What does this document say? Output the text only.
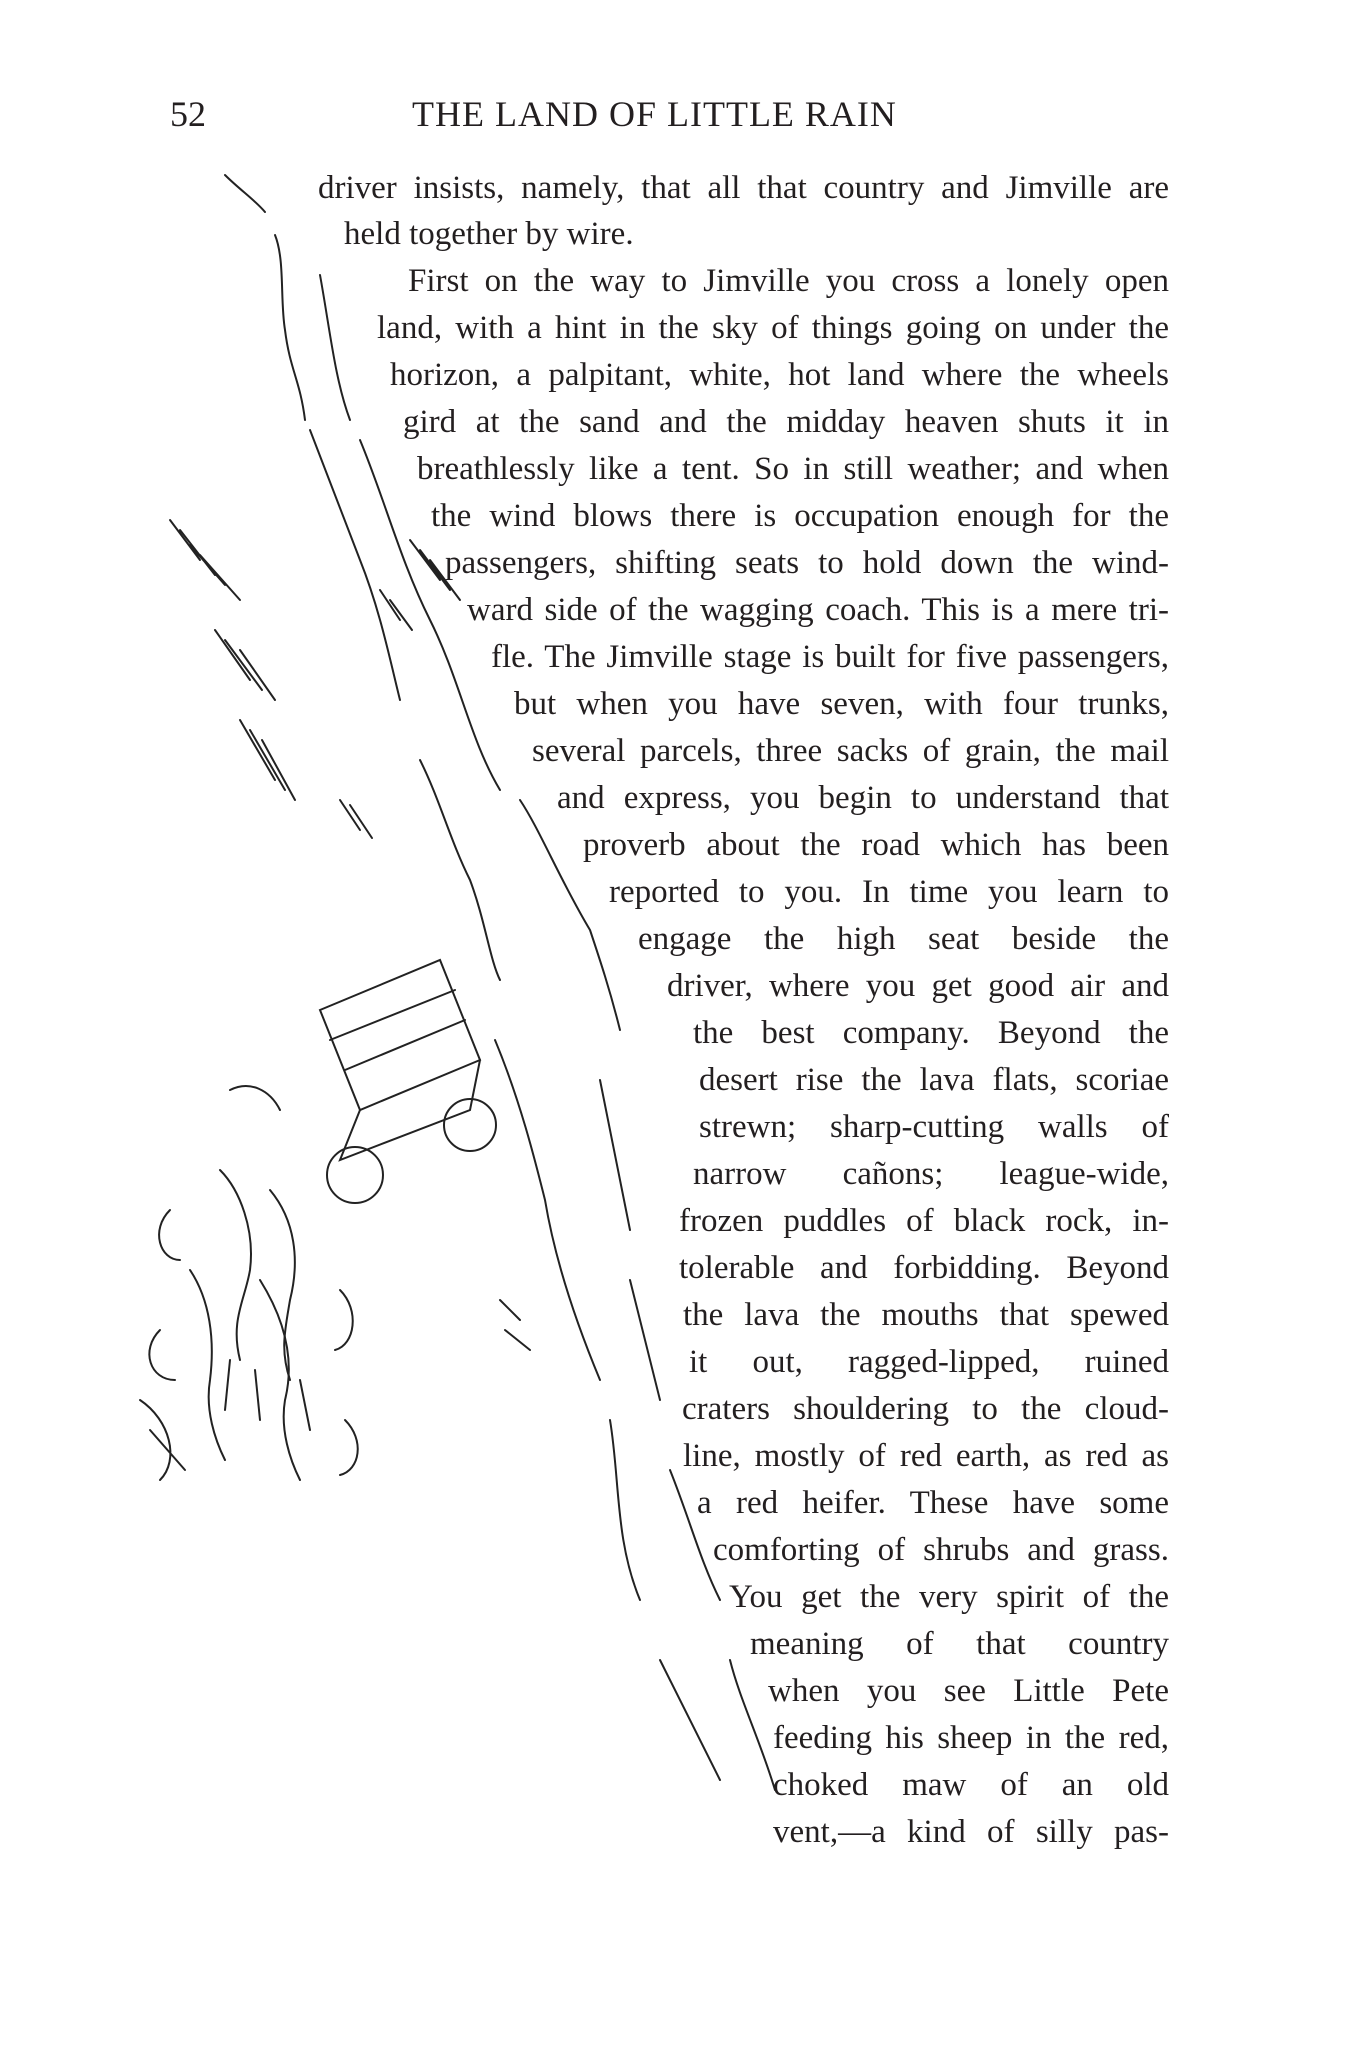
52	THE LAND OF LITTLE RAIN
driver insists, namely, that all that country and Jimville are
held together by wire.
First on the way to Jimville you cross a lonely open
land, with a hint in the sky of things going on under the
horizon, a palpitant, white, hot land where the wheels
gird at the sand and the midday heaven shuts it in
breathlessly like a tent. So in still weather; and when
the wind blows there is occupation enough for the
passengers, shifting seats to hold down the wind-
ward side of the wagging coach. This is a mere tri-
fle. The Jimville stage is built for five passengers,
but when you have seven, with four trunks,
several parcels, three sacks of grain, the mail
and express, you begin to understand that
proverb about the road which has been
reported to you. In time you learn to
engage the high seat beside the
driver, where you get good air and
the best company. Beyond the
desert rise the lava flats, scoriae
strewn; sharp-cutting walls of
narrow cañons; league-wide,
frozen puddles of black rock, in-
tolerable and forbidding. Beyond
the lava the mouths that spewed
it out, ragged-lipped, ruined
craters shouldering to the cloud-
line, mostly of red earth, as red as
a red heifer. These have some
comforting of shrubs and grass.
You get the very spirit of the
meaning of that country
when you see Little Pete
feeding his sheep in the red,
choked maw of an old
vent,—a kind of silly pas-
